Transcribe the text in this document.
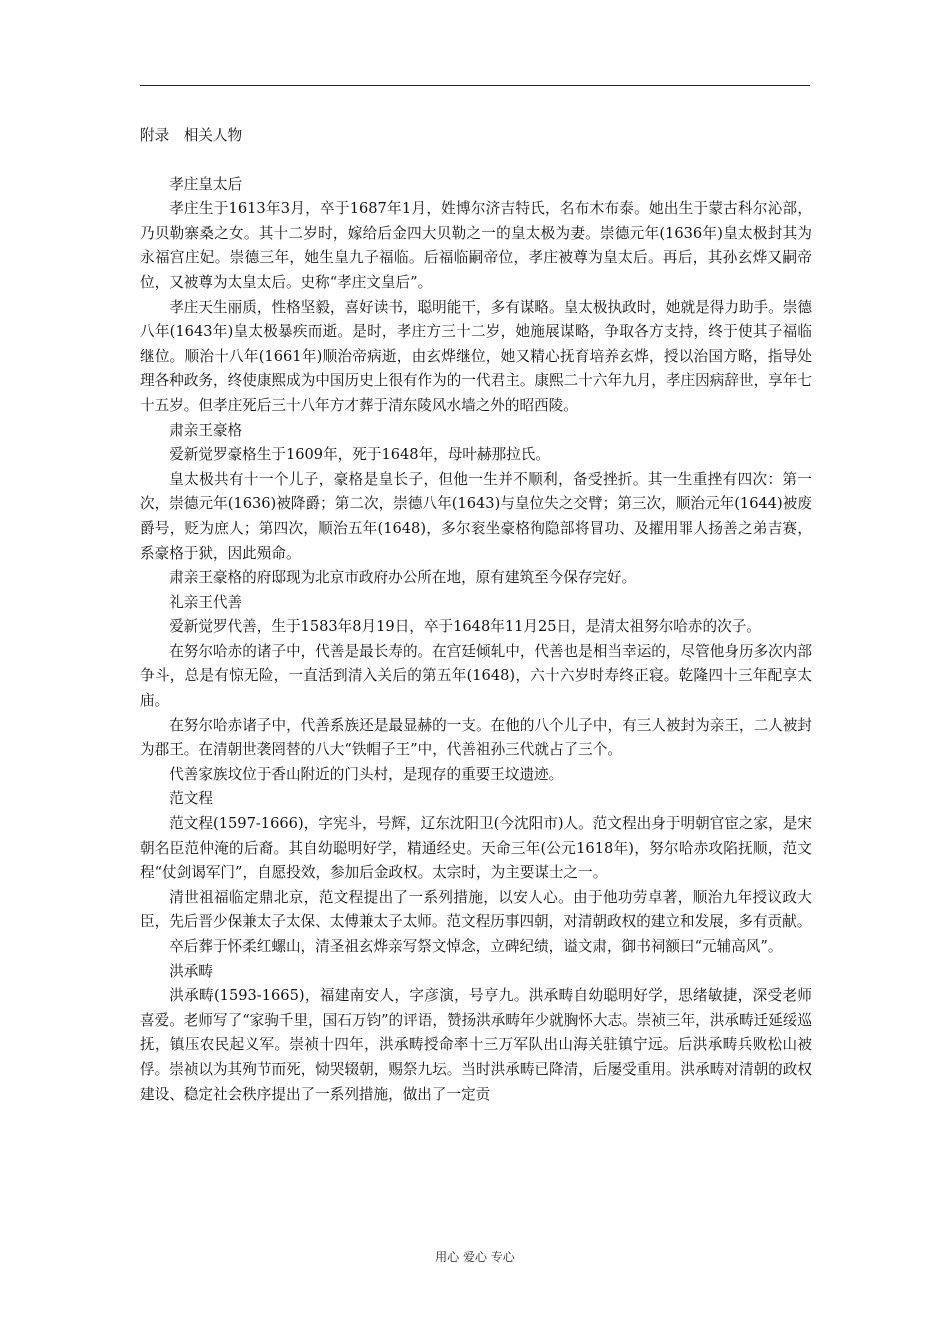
附录　相关人物

孝庄皇太后

孝庄生于1613年3月，卒于1687年1月，姓博尔济吉特氏，名布木布泰。她出生于蒙古科尔沁部，乃贝勒寨桑之女。其十二岁时，嫁给后金四大贝勒之一的皇太极为妻。崇德元年(1636年)皇太极封其为永福宫庄妃。崇德三年，她生皇九子福临。后福临嗣帝位，孝庄被尊为皇太后。再后，其孙玄烨又嗣帝位，又被尊为太皇太后。史称“孝庄文皇后”。

孝庄天生丽质，性格坚毅，喜好读书，聪明能干，多有谋略。皇太极执政时，她就是得力助手。崇德八年(1643年)皇太极暴疾而逝。是时，孝庄方三十二岁，她施展谋略，争取各方支持，终于使其子福临继位。顺治十八年(1661年)顺治帝病逝，由玄烨继位，她又精心抚育培养玄烨，授以治国方略，指导处理各种政务，终使康熙成为中国历史上很有作为的一代君主。康熙二十六年九月，孝庄因病辞世，享年七十五岁。但孝庄死后三十八年方才葬于清东陵风水墙之外的昭西陵。

肃亲王豪格

爱新觉罗豪格生于1609年，死于1648年，母叶赫那拉氏。

皇太极共有十一个儿子，豪格是皇长子，但他一生并不顺利，备受挫折。其一生重挫有四次：第一次，崇德元年(1636)被降爵；第二次，崇德八年(1643)与皇位失之交臂；第三次，顺治元年(1644)被废爵号，贬为庶人；第四次，顺治五年(1648)，多尔衮坐豪格徇隐部将冒功、及擢用罪人扬善之弟吉赛，系豪格于狱，因此殒命。

肃亲王豪格的府邸现为北京市政府办公所在地，原有建筑至今保存完好。

礼亲王代善

爱新觉罗代善，生于1583年8月19日，卒于1648年11月25日，是清太祖努尔哈赤的次子。

在努尔哈赤的诸子中，代善是最长寿的。在宫廷倾轧中，代善也是相当幸运的，尽管他身历多次内部争斗，总是有惊无险，一直活到清入关后的第五年(1648)，六十六岁时寿终正寝。乾隆四十三年配享太庙。

在努尔哈赤诸子中，代善系族还是最显赫的一支。在他的八个儿子中，有三人被封为亲王，二人被封为郡王。在清朝世袭罔替的八大“铁帽子王”中，代善祖孙三代就占了三个。

代善家族坟位于香山附近的门头村，是现存的重要王坟遗迹。

范文程

范文程(1597-1666)，字宪斗，号辉，辽东沈阳卫(今沈阳市)人。范文程出身于明朝官宦之家，是宋朝名臣范仲淹的后裔。其自幼聪明好学，精通经史。天命三年(公元1618年)，努尔哈赤攻陷抚顺，范文程“仗剑谒军门”，自愿投效，参加后金政权。太宗时，为主要谋士之一。

清世祖福临定鼎北京，范文程提出了一系列措施，以安人心。由于他功劳卓著，顺治九年授议政大臣，先后晋少保兼太子太保、太傅兼太子太师。范文程历事四朝，对清朝政权的建立和发展，多有贡献。

卒后葬于怀柔红螺山，清圣祖玄烨亲写祭文悼念，立碑纪绩，谥文肃，御书祠额曰“元辅高风”。

洪承畴

洪承畴(1593-1665)，福建南安人，字彦演，号亨九。洪承畴自幼聪明好学，思绪敏捷，深受老师喜爱。老师写了“家驹千里，国石万钧”的评语，赞扬洪承畴年少就胸怀大志。崇祯三年，洪承畴迁延绥巡抚，镇压农民起义军。崇祯十四年，洪承畴授命率十三万军队出山海关驻镇宁远。后洪承畴兵败松山被俘。崇祯以为其殉节而死，恸哭辍朝，赐祭九坛。当时洪承畴已降清，后屡受重用。洪承畴对清朝的政权建设、稳定社会秩序提出了一系列措施，做出了一定贡

用心 爱心 专心
